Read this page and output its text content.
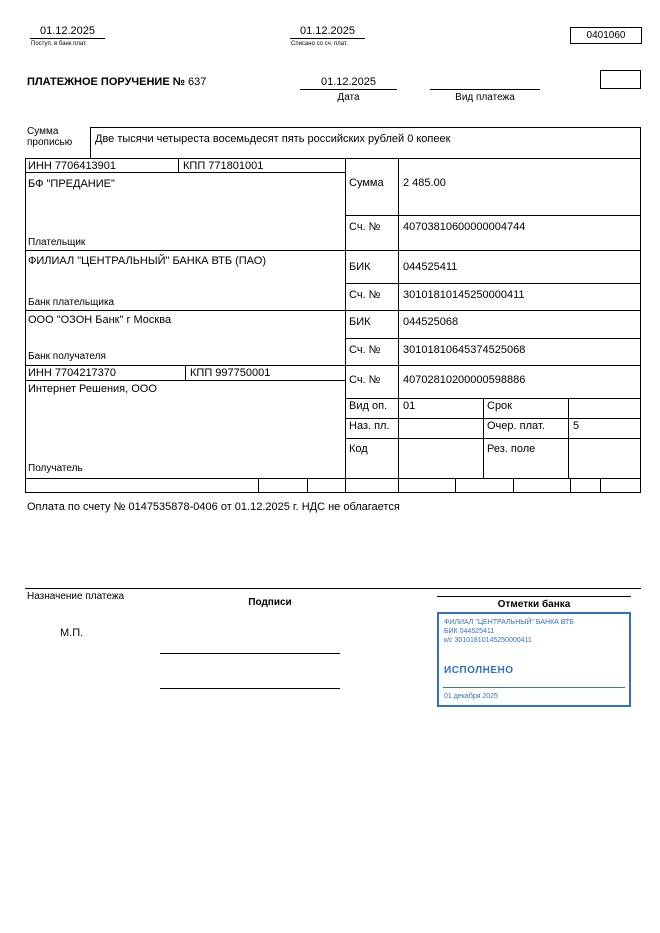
01.12.2025
Поступ. в банк плат.
01.12.2025
Списано со сч. плат.
0401060
ПЛАТЕЖНОЕ ПОРУЧЕНИЕ № 637	01.12.2025
Дата	Вид платежа
Сумма
прописью Две тысячи четыреста восемьдесят пять российских рублей 0 копеек
ИНН 7706413901	КПП 771801001
БФ "ПРЕДАНИЕ"
Плательщик
Сумма 2 485.00
Сч. № 40703810600000004744
ФИЛИАЛ "ЦЕНТРАЛЬНЫЙ" БАНКА ВТБ (ПАО)
Банк плательщика
БИК	044525411
Сч. № 30101810145250000411
ООО "ОЗОН Банк" г Москва
Банк получателя
БИК	044525068
Сч. № 30101810645374525068
ИНН 7704217370	КПП 997750001
Интернет Решения, ООО
Получатель
Сч. № 40702810200000598886
Вид оп. 01	Срок
Наз. пл.	Очер. плат.	5
Код	Рез. поле
Оплата по счету № 0147535878-0406 от 01.12.2025 г. НДС не облагается
Назначение платежа
Подписи	Отметки банка
М.П.
ФИЛИАЛ "ЦЕНТРАЛЬНЫЙ" БАНКА ВТБ
БИК 044525411
к/с 30101810145250000411
ИСПОЛНЕНО
01 декабря 2025
